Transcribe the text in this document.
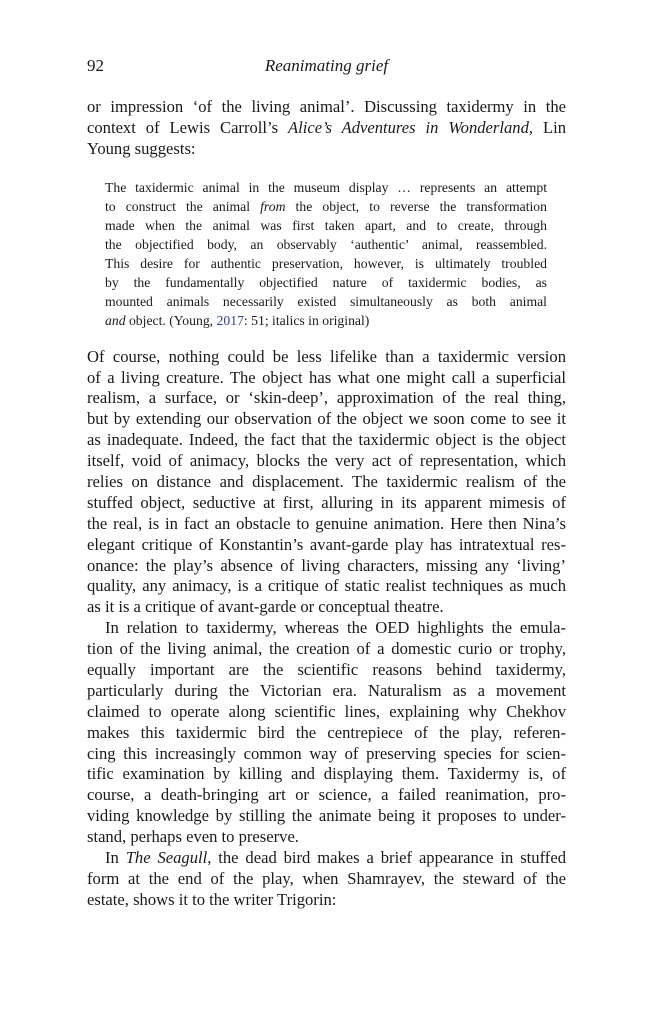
92	Reanimating grief
or impression ‘of the living animal’. Discussing taxidermy in the
context of Lewis Carroll’s Alice’s Adventures in Wonderland, Lin
Young suggests:
The taxidermic animal in the museum display … represents an attempt
to construct the animal from the object, to reverse the transformation
made when the animal was first taken apart, and to create, through
the objectified body, an observably ‘authentic’ animal, reassembled.
This desire for authentic preservation, however, is ultimately troubled
by the fundamentally objectified nature of taxidermic bodies, as
mounted animals necessarily existed simultaneously as both animal
and object. (Young, 2017: 51; italics in original)
Of course, nothing could be less lifelike than a taxidermic version
of a living creature. The object has what one might call a superficial
realism, a surface, or ‘skin-deep’, approximation of the real thing,
but by extending our observation of the object we soon come to see it
as inadequate. Indeed, the fact that the taxidermic object is the object
itself, void of animacy, blocks the very act of representation, which
relies on distance and displacement. The taxidermic realism of the
stuffed object, seductive at first, alluring in its apparent mimesis of
the real, is in fact an obstacle to genuine animation. Here then Nina’s
elegant critique of Konstantin’s avant-garde play has intratextual res-
onance: the play’s absence of living characters, missing any ‘living’
quality, any animacy, is a critique of static realist techniques as much
as it is a critique of avant-garde or conceptual theatre.
In relation to taxidermy, whereas the OED highlights the emula-
tion of the living animal, the creation of a domestic curio or trophy,
equally important are the scientific reasons behind taxidermy,
particularly during the Victorian era. Naturalism as a movement
claimed to operate along scientific lines, explaining why Chekhov
makes this taxidermic bird the centrepiece of the play, referen-
cing this increasingly common way of preserving species for scien-
tific examination by killing and displaying them. Taxidermy is, of
course, a death-bringing art or science, a failed reanimation, pro-
viding knowledge by stilling the animate being it proposes to under-
stand, perhaps even to preserve.
In The Seagull, the dead bird makes a brief appearance in stuffed
form at the end of the play, when Shamrayev, the steward of the
estate, shows it to the writer Trigorin:
